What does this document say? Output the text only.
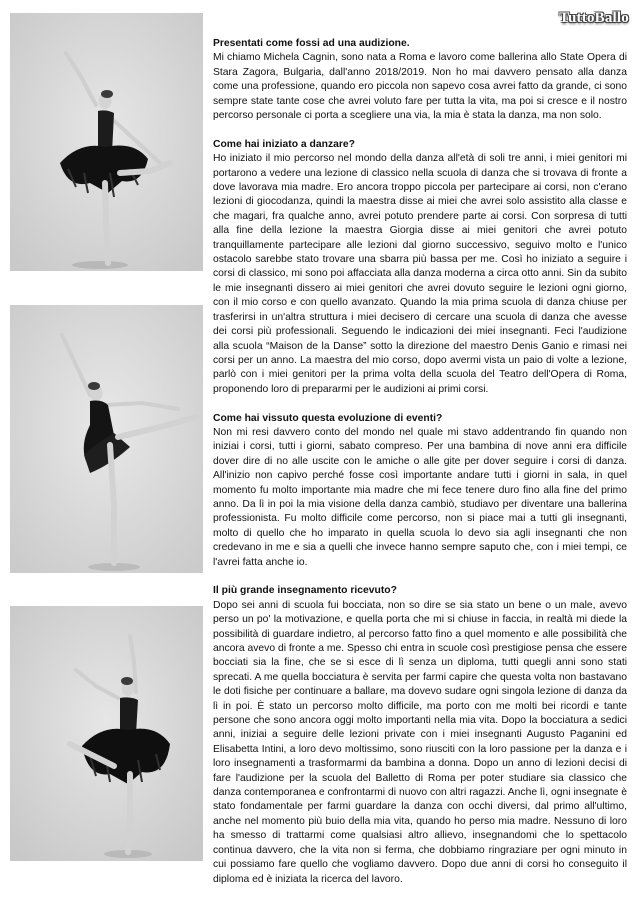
TuttoBallo
Presentati come fossi ad una audizione.

Mi chiamo Michela Cagnin, sono nata a Roma e lavoro come ballerina allo State Opera di Stara Zagora, Bulgaria, dall'anno 2018/2019. Non ho mai davvero pensato alla danza come una professione, quando ero piccola non sapevo cosa avrei fatto da grande, ci sono sempre state tante cose che avrei voluto fare per tutta la vita, ma poi si cresce e il nostro percorso personale ci porta a scegliere una via, la mia è stata la danza, ma non solo.

Come hai iniziato a danzare?

Ho iniziato il mio percorso nel mondo della danza all'età di soli tre anni, i miei genitori mi portarono a vedere una lezione di classico nella scuola di danza che si trovava di fronte a dove lavorava mia madre. Ero ancora troppo piccola per partecipare ai corsi, non c'erano lezioni di giocodanza, quindi la maestra disse ai miei che avrei solo assistito alla classe e che magari, fra qualche anno, avrei potuto prendere parte ai corsi. Con sorpresa di tutti alla fine della lezione la maestra Giorgia disse ai miei genitori che avrei potuto tranquillamente partecipare alle lezioni dal giorno successivo, seguivo molto e l'unico ostacolo sarebbe stato trovare una sbarra più bassa per me. Così ho iniziato a seguire i corsi di classico, mi sono poi affacciata alla danza moderna a circa otto anni. Sin da subito le mie insegnanti dissero ai miei genitori che avrei dovuto seguire le lezioni ogni giorno, con il mio corso e con quello avanzato. Quando la mia prima scuola di danza chiuse per trasferirsi in un'altra struttura i miei decisero di cercare una scuola di danza che avesse dei corsi più professionali. Seguendo le indicazioni dei miei insegnanti. Feci l'audizione alla scuola “Maison de la Danse” sotto la direzione del maestro Denis Ganio e rimasi nei corsi per un anno. La maestra del mio corso, dopo avermi vista un paio di volte a lezione, parlò con i miei genitori per la prima volta della scuola del Teatro dell'Opera di Roma, proponendo loro di prepararmi per le audizioni ai primi corsi.

Come hai vissuto questa evoluzione di eventi?

Non mi resi davvero conto del mondo nel quale mi stavo addentrando fin quando non iniziai i corsi, tutti i giorni, sabato compreso. Per una bambina di nove anni era difficile dover dire di no alle uscite con le amiche o alle gite per dover seguire i corsi di danza. All'inizio non capivo perché fosse così importante andare tutti i giorni in sala, in quel momento fu molto importante mia madre che mi fece tenere duro fino alla fine del primo anno. Da lì in poi la mia visione della danza cambiò, studiavo per diventare una ballerina professionista. Fu molto difficile come percorso, non si piace mai a tutti gli insegnanti, molto di quello che ho imparato in quella scuola lo devo sia agli insegnanti che non credevano in me e sia a quelli che invece hanno sempre saputo che, con i miei tempi, ce l'avrei fatta anche io.

Il più grande insegnamento ricevuto?

Dopo sei anni di scuola fui bocciata, non so dire se sia stato un bene o un male, avevo perso un po' la motivazione, e quella porta che mi si chiuse in faccia, in realtà mi diede la possibilità di guardare indietro, al percorso fatto fino a quel momento e alle possibilità che ancora avevo di fronte a me. Spesso chi entra in scuole così prestigiose pensa che essere bocciati sia la fine, che se si esce di lì senza un diploma, tutti quegli anni sono stati sprecati. A me quella bocciatura è servita per farmi capire che questa volta non bastavano le doti fisiche per continuare a ballare, ma dovevo sudare ogni singola lezione di danza da lì in poi. È stato un percorso molto difficile, ma porto con me molti bei ricordi e tante persone che sono ancora oggi molto importanti nella mia vita. Dopo la bocciatura a sedici anni, iniziai a seguire delle lezioni private con i miei insegnanti Augusto Paganini ed Elisabetta Intini, a loro devo moltissimo, sono riusciti con la loro passione per la danza e i loro insegnamenti a trasformarmi da bambina a donna. Dopo un anno di lezioni decisi di fare l'audizione per la scuola del Balletto di Roma per poter studiare sia classico che danza contemporanea e confrontarmi di nuovo con altri ragazzi. Anche lì, ogni insegnate è stato fondamentale per farmi guardare la danza con occhi diversi, dal primo all'ultimo, anche nel momento più buio della mia vita, quando ho perso mia madre. Nessuno di loro ha smesso di trattarmi come qualsiasi altro allievo, insegnandomi che lo spettacolo continua davvero, che la vita non si ferma, che dobbiamo ringraziare per ogni minuto in cui possiamo fare quello che vogliamo davvero. Dopo due anni di corsi ho conseguito il diploma ed è iniziata la ricerca del lavoro.
